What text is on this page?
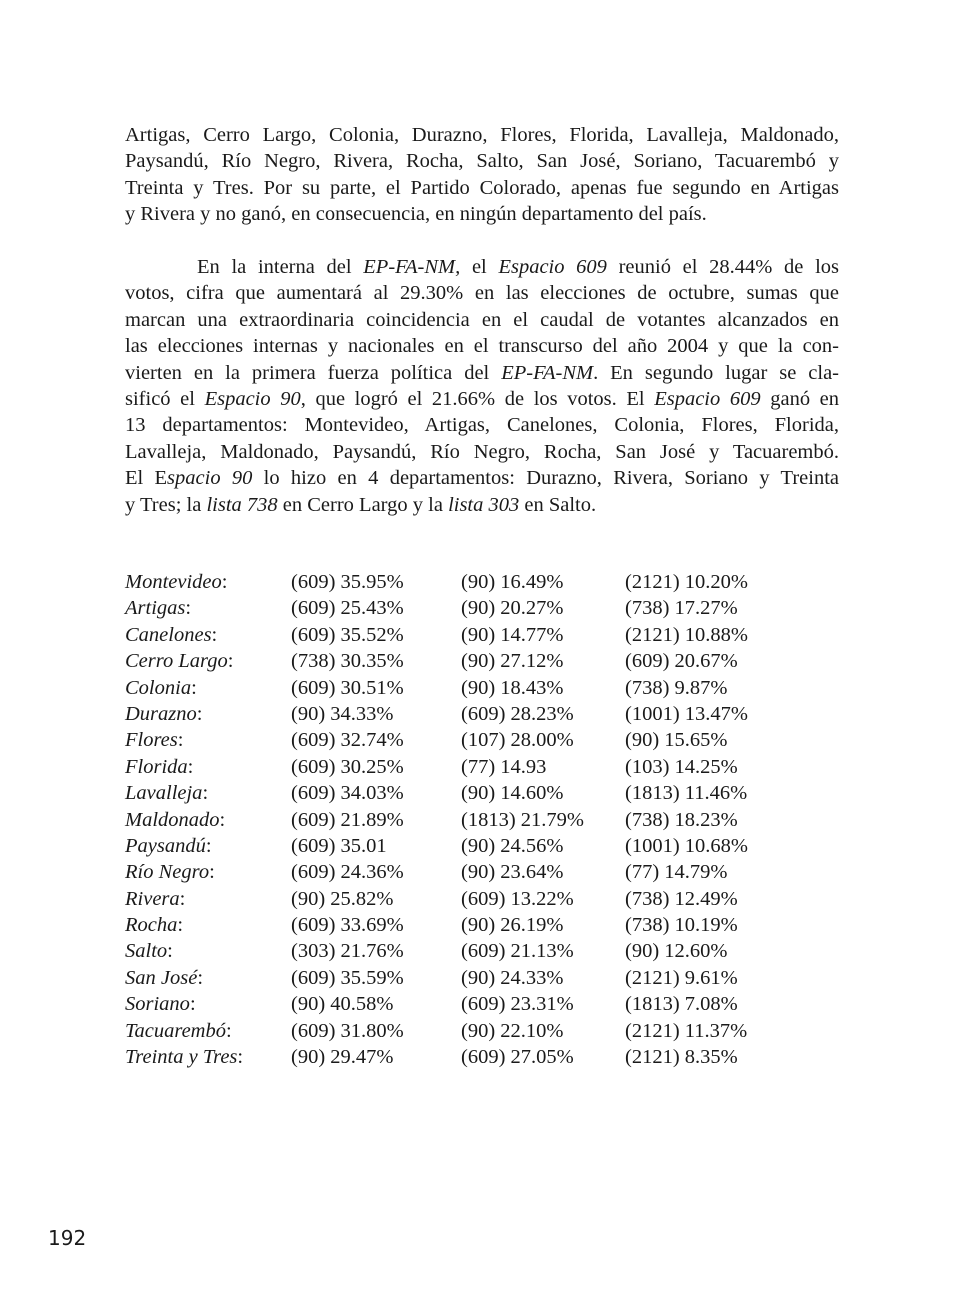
Artigas, Cerro Largo, Colonia, Durazno, Flores, Florida, Lavalleja, Maldonado,
Paysandú, Río Negro, Rivera, Rocha, Salto, San José, Soriano, Tacuarembó y
Treinta y Tres. Por su parte, el Partido Colorado, apenas fue segundo en Artigas
y Rivera y no ganó, en consecuencia, en ningún departamento del país.
En la interna del EP-FA-NM, el Espacio 609 reunió el 28.44% de los
votos, cifra que aumentará al 29.30% en las elecciones de octubre, sumas que
marcan una extraordinaria coincidencia en el caudal de votantes alcanzados en
las elecciones internas y nacionales en el transcurso del año 2004 y que la con-
vierten en la primera fuerza política del EP-FA-NM. En segundo lugar se cla-
sificó el Espacio 90, que logró el 21.66% de los votos. El Espacio 609 ganó en
13 departamentos: Montevideo, Artigas, Canelones, Colonia, Flores, Florida,
Lavalleja, Maldonado, Paysandú, Río Negro, Rocha, San José y Tacuarembó.
El Espacio 90 lo hizo en 4 departamentos: Durazno, Rivera, Soriano y Treinta
y Tres; la lista 738 en Cerro Largo y la lista 303 en Salto.
Montevideo:	(609) 35.95%	(90) 16.49%	(2121) 10.20%
Artigas:	(609) 25.43%	(90) 20.27%	(738) 17.27%
Canelones:	(609) 35.52%	(90) 14.77%	(2121) 10.88%
Cerro Largo:	(738) 30.35%	(90) 27.12%	(609) 20.67%
Colonia:	(609) 30.51%	(90) 18.43%	(738) 9.87%
Durazno:	(90) 34.33%	(609) 28.23%	(1001) 13.47%
Flores:	(609) 32.74%	(107) 28.00%	(90) 15.65%
Florida:	(609) 30.25%	(77) 14.93	(103) 14.25%
Lavalleja:	(609) 34.03%	(90) 14.60%	(1813) 11.46%
Maldonado:	(609) 21.89%	(1813) 21.79%	(738) 18.23%
Paysandú:	(609) 35.01	(90) 24.56%	(1001) 10.68%
Río Negro:	(609) 24.36%	(90) 23.64%	(77) 14.79%
Rivera:	(90) 25.82%	(609) 13.22%	(738) 12.49%
Rocha:	(609) 33.69%	(90) 26.19%	(738) 10.19%
Salto:	(303) 21.76%	(609) 21.13%	(90) 12.60%
San José:	(609) 35.59%	(90) 24.33%	(2121) 9.61%
Soriano:	(90) 40.58%	(609) 23.31%	(1813) 7.08%
Tacuarembó:	(609) 31.80%	(90) 22.10%	(2121) 11.37%
Treinta y Tres:	(90) 29.47%	(609) 27.05%	(2121) 8.35%
192
